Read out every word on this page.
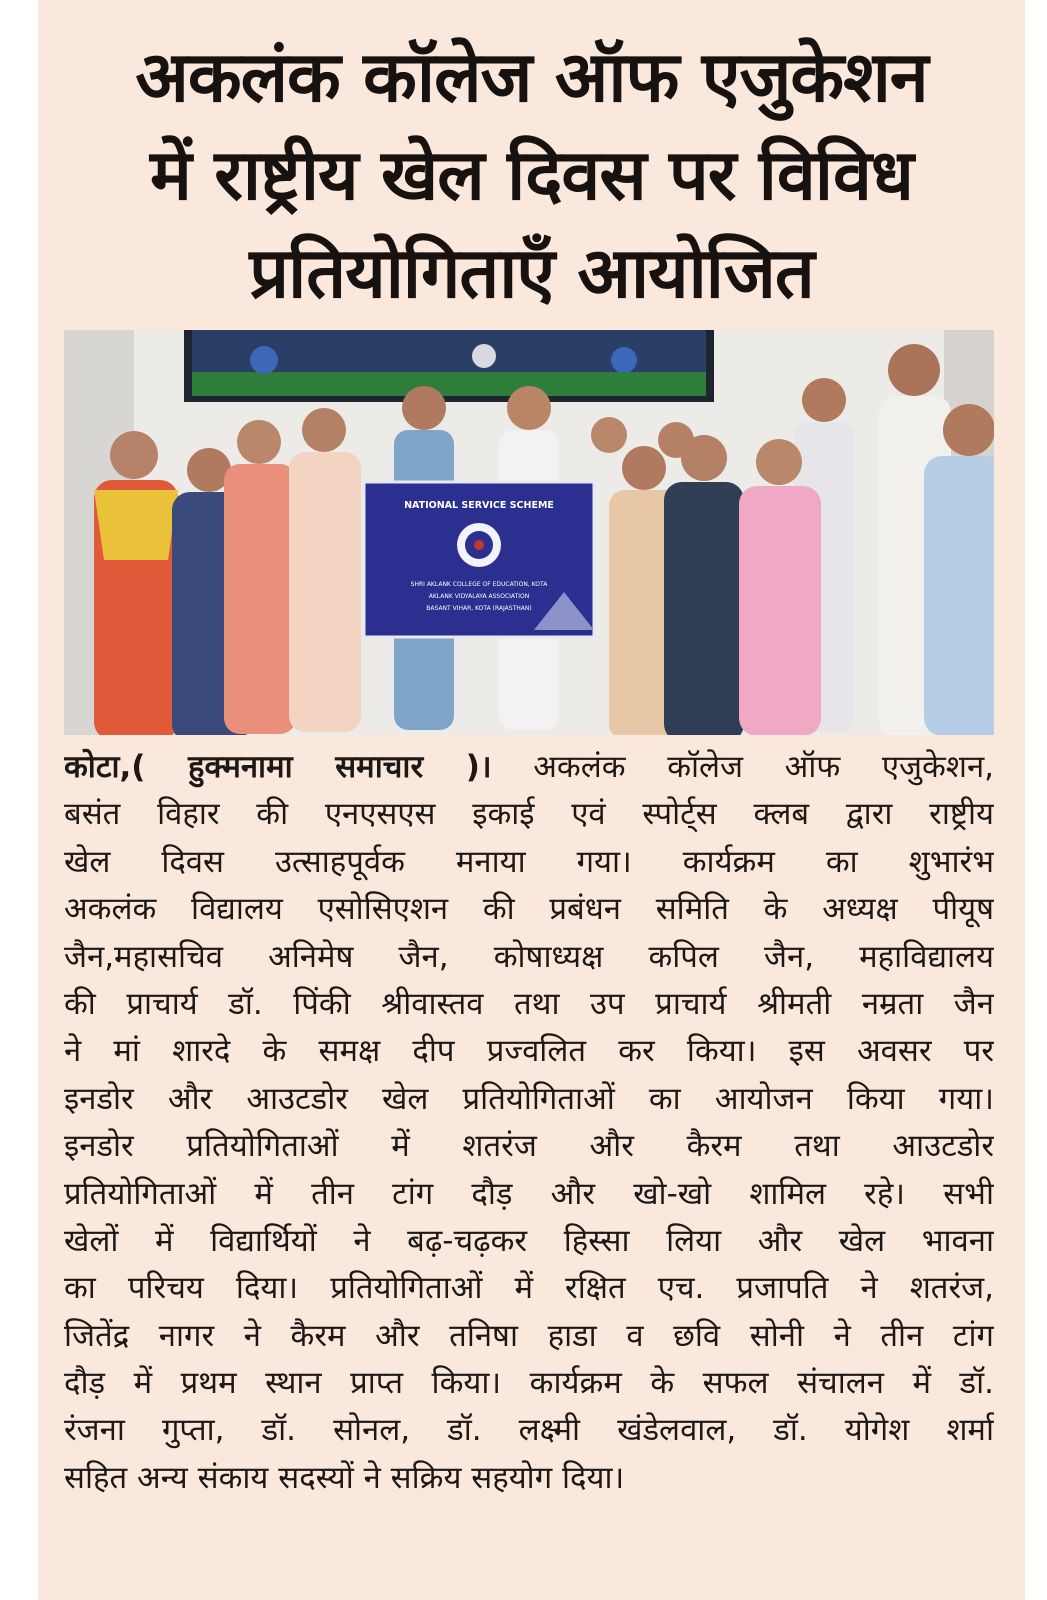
अकलंक कॉलेज ऑफ एजुकेशन
में राष्ट्रीय खेल दिवस पर विविध
प्रतियोगिताएँ आयोजित
NATIONAL SERVICE SCHEME
SHRI AKLANK COLLEGE OF EDUCATION, KOTA
AKLANK VIDYALAYA ASSOCIATION
BASANT VIHAR, KOTA (RAJASTHAN)
कोटा,( हुक्मनामा समाचार )। अकलंक कॉलेज ऑफ एजुकेशन,
बसंत विहार की एनएसएस इकाई एवं स्पोर्ट्स क्लब द्वारा राष्ट्रीय
खेल दिवस उत्साहपूर्वक मनाया गया। कार्यक्रम का शुभारंभ
अकलंक विद्यालय एसोसिएशन की प्रबंधन समिति के अध्यक्ष पीयूष
जैन,महासचिव अनिमेष जैन, कोषाध्यक्ष कपिल जैन, महाविद्यालय
की प्राचार्य डॉ. पिंकी श्रीवास्तव तथा उप प्राचार्य श्रीमती नम्रता जैन
ने मां शारदे के समक्ष दीप प्रज्वलित कर किया। इस अवसर पर
इनडोर और आउटडोर खेल प्रतियोगिताओं का आयोजन किया गया।
इनडोर प्रतियोगिताओं में शतरंज और कैरम तथा आउटडोर
प्रतियोगिताओं में तीन टांग दौड़ और खो-खो शामिल रहे। सभी
खेलों में विद्यार्थियों ने बढ़-चढ़कर हिस्सा लिया और खेल भावना
का परिचय दिया। प्रतियोगिताओं में रक्षित एच. प्रजापति ने शतरंज,
जितेंद्र नागर ने कैरम और तनिषा हाडा व छवि सोनी ने तीन टांग
दौड़ में प्रथम स्थान प्राप्त किया। कार्यक्रम के सफल संचालन में डॉ.
रंजना गुप्ता, डॉ. सोनल, डॉ. लक्ष्मी खंडेलवाल, डॉ. योगेश शर्मा
सहित अन्य संकाय सदस्यों ने सक्रिय सहयोग दिया।
